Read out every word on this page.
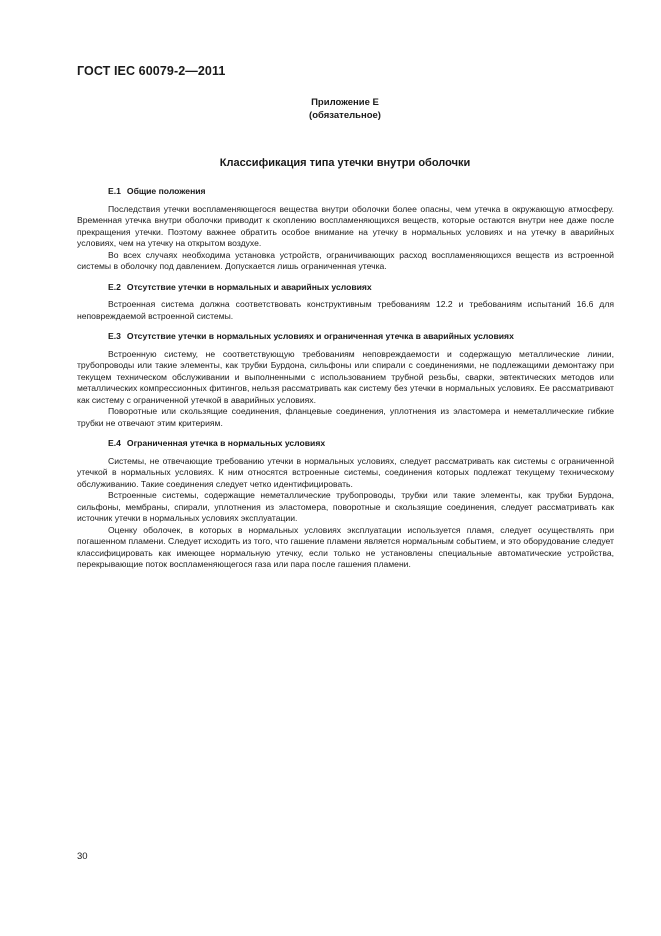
ГОСТ IEC 60079-2—2011
Приложение Е
(обязательное)
Классификация типа утечки внутри оболочки
Е.1 Общие положения

Последствия утечки воспламеняющегося вещества внутри оболочки более опасны, чем утечка в окружающую атмосферу. Временная утечка внутри оболочки приводит к скоплению воспламеняющихся веществ, которые остаются внутри нее даже после прекращения утечки. Поэтому важнее обратить особое внимание на утечку в нормальных условиях и на утечку в аварийных условиях, чем на утечку на открытом воздухе.

Во всех случаях необходима установка устройств, ограничивающих расход воспламеняющихся веществ из встроенной системы в оболочку под давлением. Допускается лишь ограниченная утечка.

Е.2 Отсутствие утечки в нормальных и аварийных условиях

Встроенная система должна соответствовать конструктивным требованиям 12.2 и требованиям испытаний 16.6 для неповреждаемой встроенной системы.

Е.3 Отсутствие утечки в нормальных условиях и ограниченная утечка в аварийных условиях

Встроенную систему, не соответствующую требованиям неповреждаемости и содержащую металлические линии, трубопроводы или такие элементы, как трубки Бурдона, сильфоны или спирали с соединениями, не подлежащими демонтажу при текущем техническом обслуживании и выполненными с использованием трубной резьбы, сварки, эвтектических методов или металлических компрессионных фитингов, нельзя рассматривать как систему без утечки в нормальных условиях. Ее рассматривают как систему с ограниченной утечкой в аварийных условиях.

Поворотные или скользящие соединения, фланцевые соединения, уплотнения из эластомера и неметаллические гибкие трубки не отвечают этим критериям.

Е.4 Ограниченная утечка в нормальных условиях

Системы, не отвечающие требованию утечки в нормальных условиях, следует рассматривать как системы с ограниченной утечкой в нормальных условиях. К ним относятся встроенные системы, соединения которых подлежат текущему техническому обслуживанию. Такие соединения следует четко идентифицировать.

Встроенные системы, содержащие неметаллические трубопроводы, трубки или такие элементы, как трубки Бурдона, сильфоны, мембраны, спирали, уплотнения из эластомера, поворотные и скользящие соединения, следует рассматривать как источник утечки в нормальных условиях эксплуатации.

Оценку оболочек, в которых в нормальных условиях эксплуатации используется пламя, следует осуществлять при погашенном пламени. Следует исходить из того, что гашение пламени является нормальным событием, и это оборудование следует классифицировать как имеющее нормальную утечку, если только не установлены специальные автоматические устройства, перекрывающие поток воспламеняющегося газа или пара после гашения пламени.

30
